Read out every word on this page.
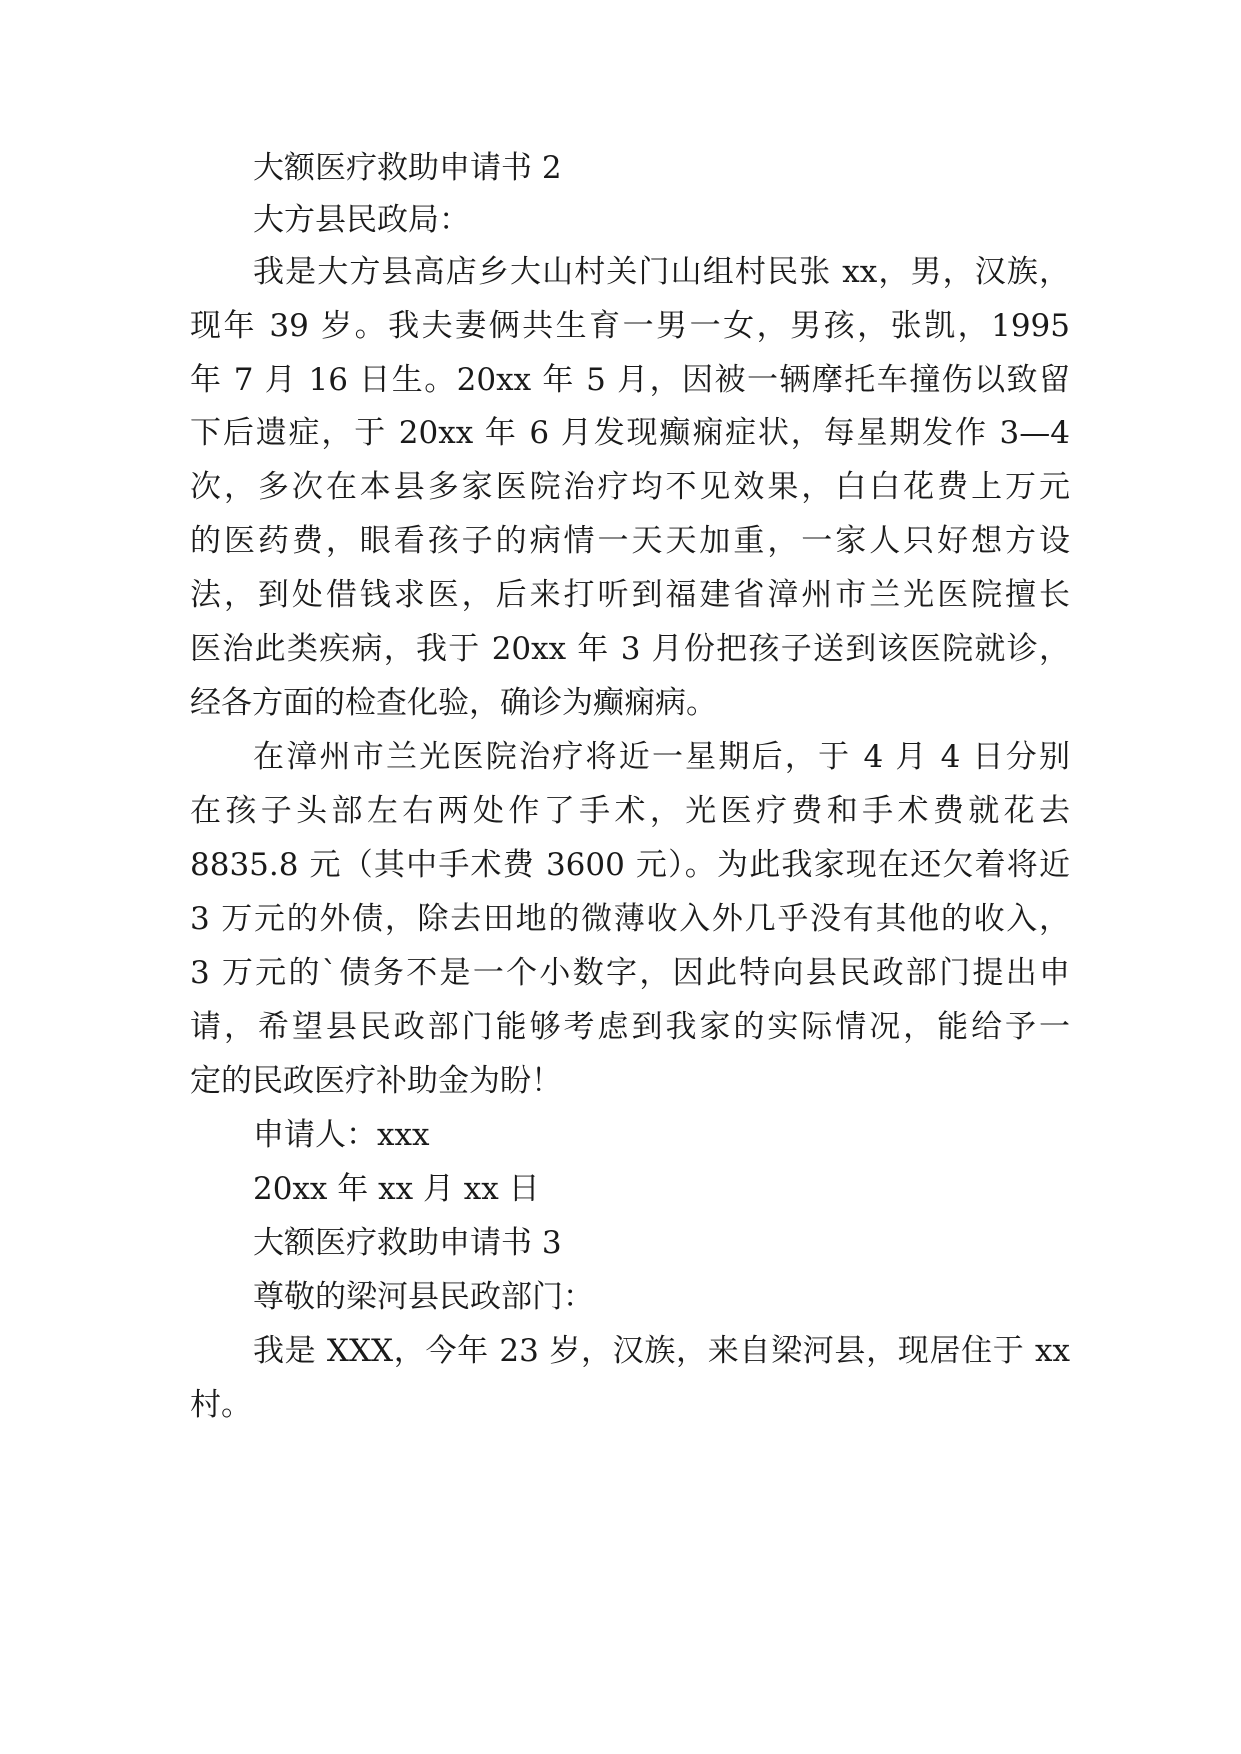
大额医疗救助申请书 2
大方县民政局：
我是大方县高店乡大山村关门山组村民张 xx，男，汉族，
现年 39 岁。我夫妻俩共生育一男一女，男孩，张凯，1995
年 7 月 16 日生。20xx 年 5 月，因被一辆摩托车撞伤以致留
下后遗症，于 20xx 年 6 月发现癫痫症状，每星期发作 3—4
次，多次在本县多家医院治疗均不见效果，白白花费上万元
的医药费，眼看孩子的病情一天天加重，一家人只好想方设
法，到处借钱求医，后来打听到福建省漳州市兰光医院擅长
医治此类疾病，我于 20xx 年 3 月份把孩子送到该医院就诊，
经各方面的检查化验，确诊为癫痫病。
在漳州市兰光医院治疗将近一星期后，于 4 月 4 日分别
在孩子头部左右两处作了手术，光医疗费和手术费就花去
8835.8 元（其中手术费 3600 元）。为此我家现在还欠着将近
3 万元的外债，除去田地的微薄收入外几乎没有其他的收入，
3 万元的`债务不是一个小数字，因此特向县民政部门提出申
请，希望县民政部门能够考虑到我家的实际情况，能给予一
定的民政医疗补助金为盼！
申请人：xxx
20xx 年 xx 月 xx 日
大额医疗救助申请书 3
尊敬的梁河县民政部门：
我是 XXX，今年 23 岁，汉族，来自梁河县，现居住于 xx
村。
